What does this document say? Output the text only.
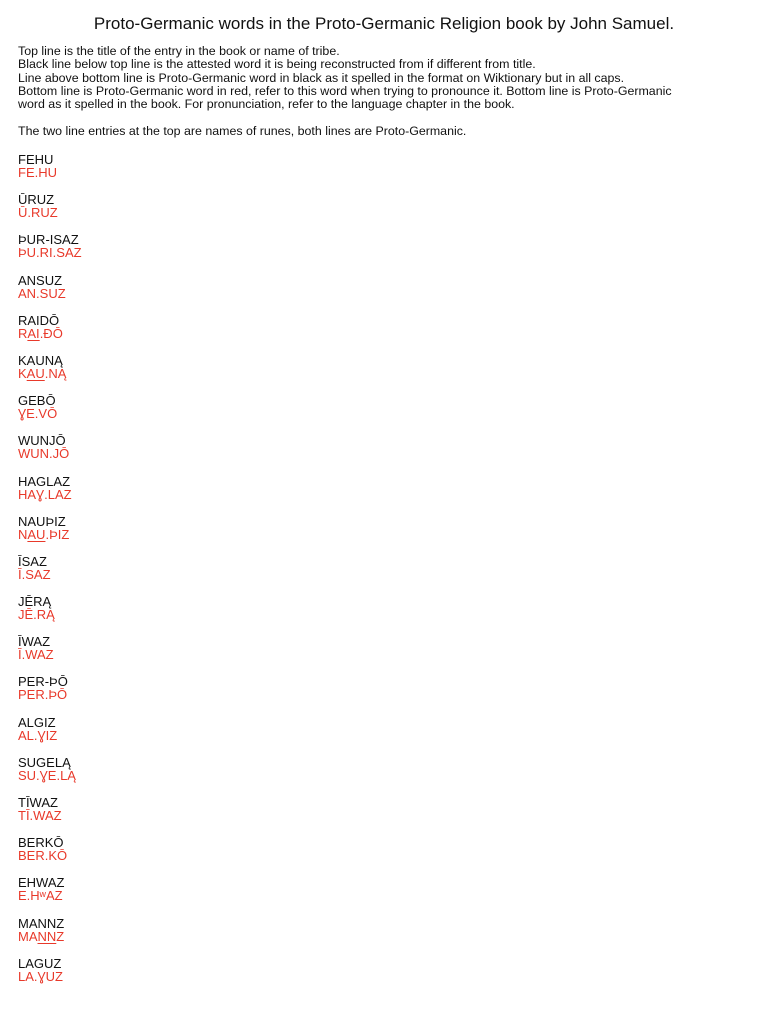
Proto-Germanic words in the Proto-Germanic Religion book by John Samuel.
Top line is the title of the entry in the book or name of tribe.
Black line below top line is the attested word it is being reconstructed from if different from title.
Line above bottom line is Proto-Germanic word in black as it spelled in the format on Wiktionary but in all caps.
Bottom line is Proto-Germanic word in red, refer to this word when trying to pronounce it. Bottom line is Proto-Germanic
word as it spelled in the book. For pronunciation, refer to the language chapter in the book.
The two line entries at the top are names of runes, both lines are Proto-Germanic.
FEHU
FE.HU
ŪRUZ
Ū.RUZ
ÞUR-ISAZ
ÞU.RI.SAZ
ANSUZ
AN.SUZ
RAIDŌ
RAI.ÐŌ
KAUNĄ
KAU.NĄ
GEBŌ
ƔE.VŌ
WUNJŌ
WUN.JŌ
HAGLAZ
HAƔ.LAZ
NAUÞIZ
NAU.ÞIZ
ĪSAZ
Ī.SAZ
JĒRĄ
JĒ.RĄ
ĪWAZ
Ī.WAZ
PER-ÞŌ
PER.ÞŌ
ALGIZ
AL.ƔIZ
SUGELĄ
SU.ƔE.LĄ
TĪWAZ
TĪ.WAZ
BERKŌ
BER.KŌ
EHWAZ
E.HʷAZ
MANNZ
MANNZ
LAGUZ
LA.ƔUZ
